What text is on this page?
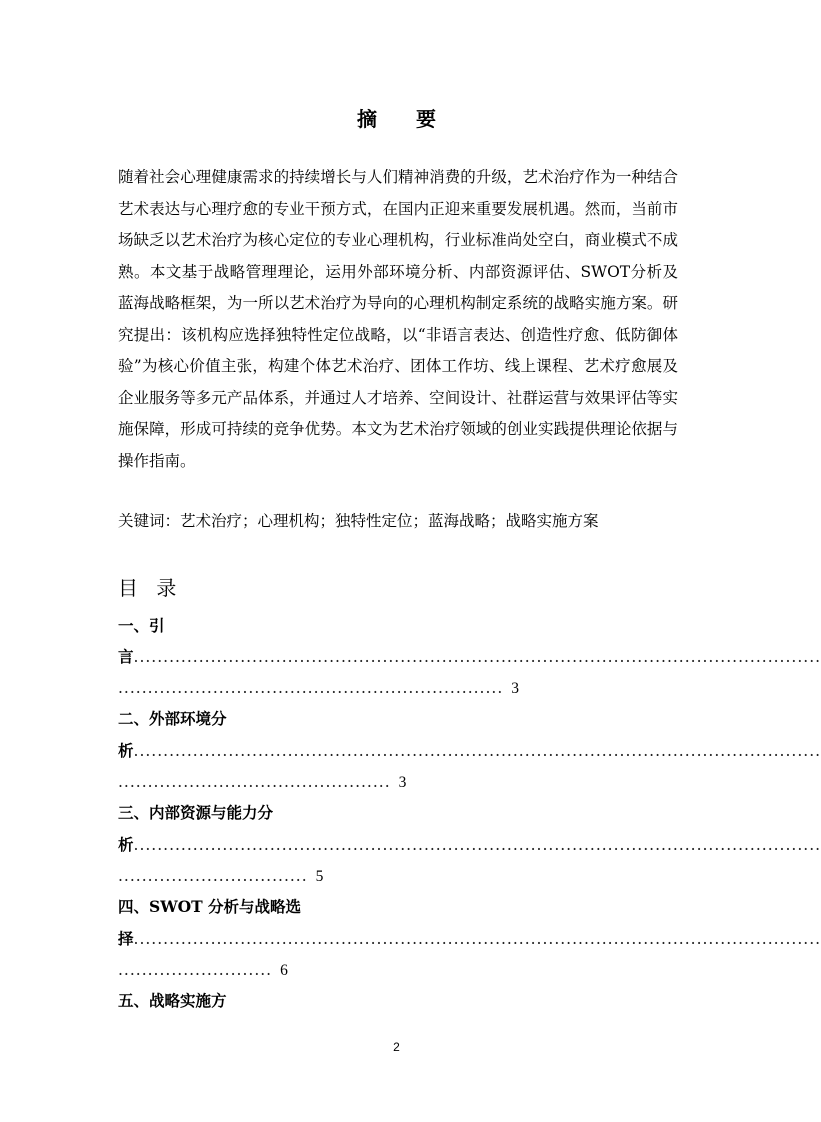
摘 要

随着社会心理健康需求的持续增长与人们精神消费的升级，艺术治疗作为一种结合艺术表达与心理疗愈的专业干预方式，在国内正迎来重要发展机遇。然而，当前市场缺乏以艺术治疗为核心定位的专业心理机构，行业标准尚处空白，商业模式不成熟。本文基于战略管理理论，运用外部环境分析、内部资源评估、SWOT分析及蓝海战略框架，为一所以艺术治疗为导向的心理机构制定系统的战略实施方案。研究提出：该机构应选择独特性定位战略，以“非语言表达、创造性疗愈、低防御体验”为核心价值主张，构建个体艺术治疗、团体工作坊、线上课程、艺术疗愈展及企业服务等多元产品体系，并通过人才培养、空间设计、社群运营与效果评估等实施保障，形成可持续的竞争优势。本文为艺术治疗领域的创业实践提供理论依据与操作指南。

关键词：艺术治疗；心理机构；独特性定位；蓝海战略；战略实施方案
目 录
一、引
言....................................................................................................................
................................................................. 3
二、外部环境分
析....................................................................................................................
.............................................. 3
三、内部资源与能力分
析....................................................................................................................
................................ 5
四、SWOT 分析与战略选
择....................................................................................................................
.......................... 6
五、战略实施方
2
